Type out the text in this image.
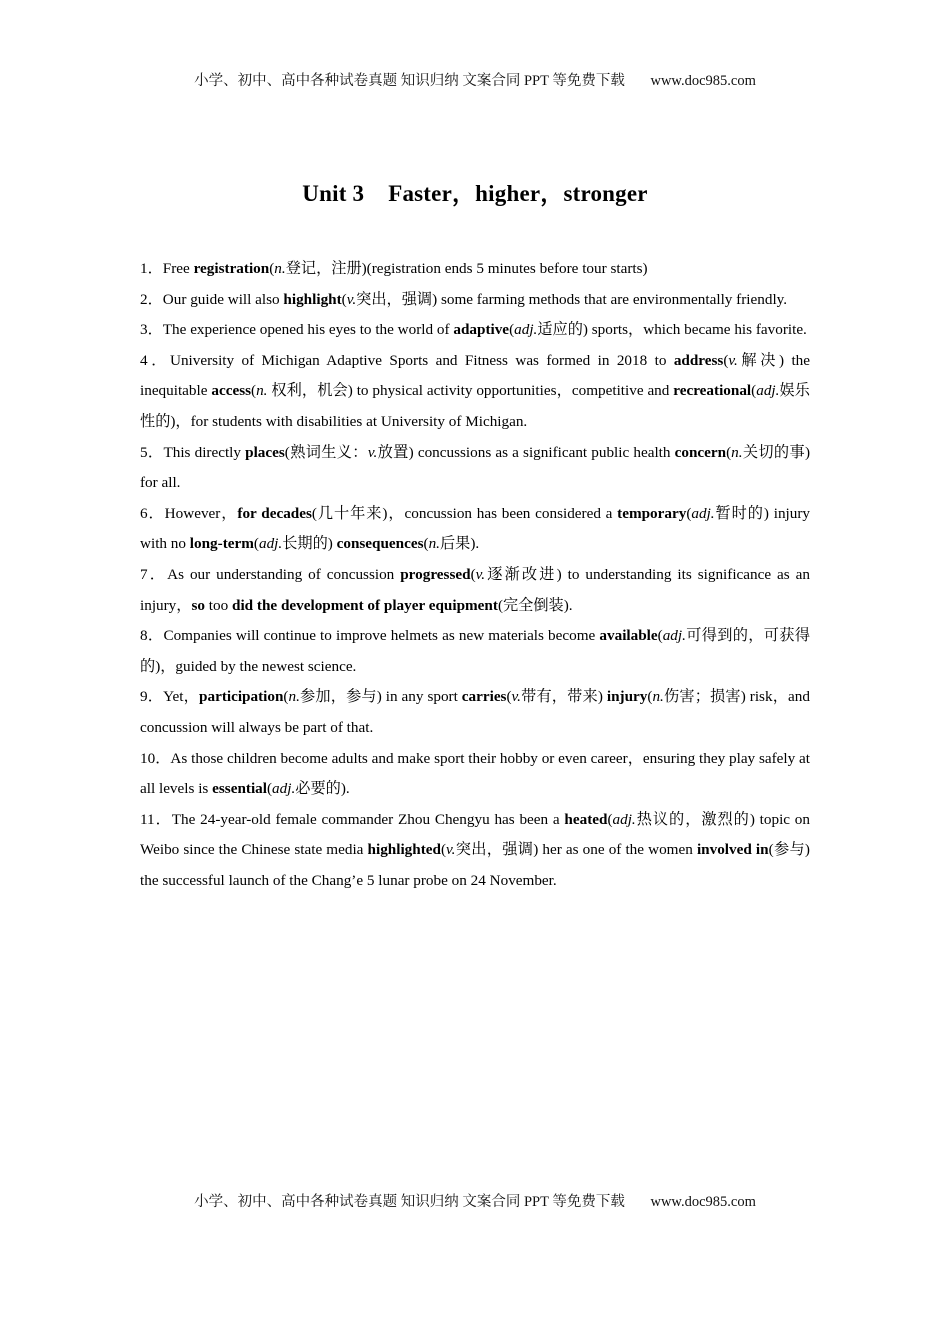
小学、初中、高中各种试卷真题 知识归纳 文案合同 PPT 等免费下载 www.doc985.com
Unit 3 Faster，higher，stronger

1．Free registration(n.登记，注册)(registration ends 5 minutes before tour starts)

2．Our guide will also highlight(v.突出，强调) some farming methods that are environmentally friendly.

3．The experience opened his eyes to the world of adaptive(adj.适应的) sports，which became his favorite.

4．University of Michigan Adaptive Sports and Fitness was formed in 2018 to address(v.解决) the inequitable access(n. 权利，机会) to physical activity opportunities，competitive and recreational(adj.娱乐性的)，for students with disabilities at University of Michigan.

5．This directly places(熟词生义：v.放置) concussions as a significant public health concern(n.关切的事) for all.

6．However，for decades(几十年来)，concussion has been considered a temporary(adj.暂时的) injury with no long-term(adj.长期的) consequences(n.后果).

7．As our understanding of concussion progressed(v.逐渐改进) to understanding its significance as an injury，so too did the development of player equipment(完全倒装).

8．Companies will continue to improve helmets as new materials become available(adj.可得到的，可获得的)，guided by the newest science.

9．Yet，participation(n.参加，参与) in any sport carries(v.带有，带来) injury(n.伤害；损害) risk，and concussion will always be part of that.

10．As those children become adults and make sport their hobby or even career，ensuring they play safely at all levels is essential(adj.必要的).

11．The 24-year-old female commander Zhou Chengyu has been a heated(adj.热议的，激烈的) topic on Weibo since the Chinese state media highlighted(v.突出，强调) her as one of the women involved in(参与) the successful launch of the Chang’e 5 lunar probe on 24 November.

小学、初中、高中各种试卷真题 知识归纳 文案合同 PPT 等免费下载 www.doc985.com
